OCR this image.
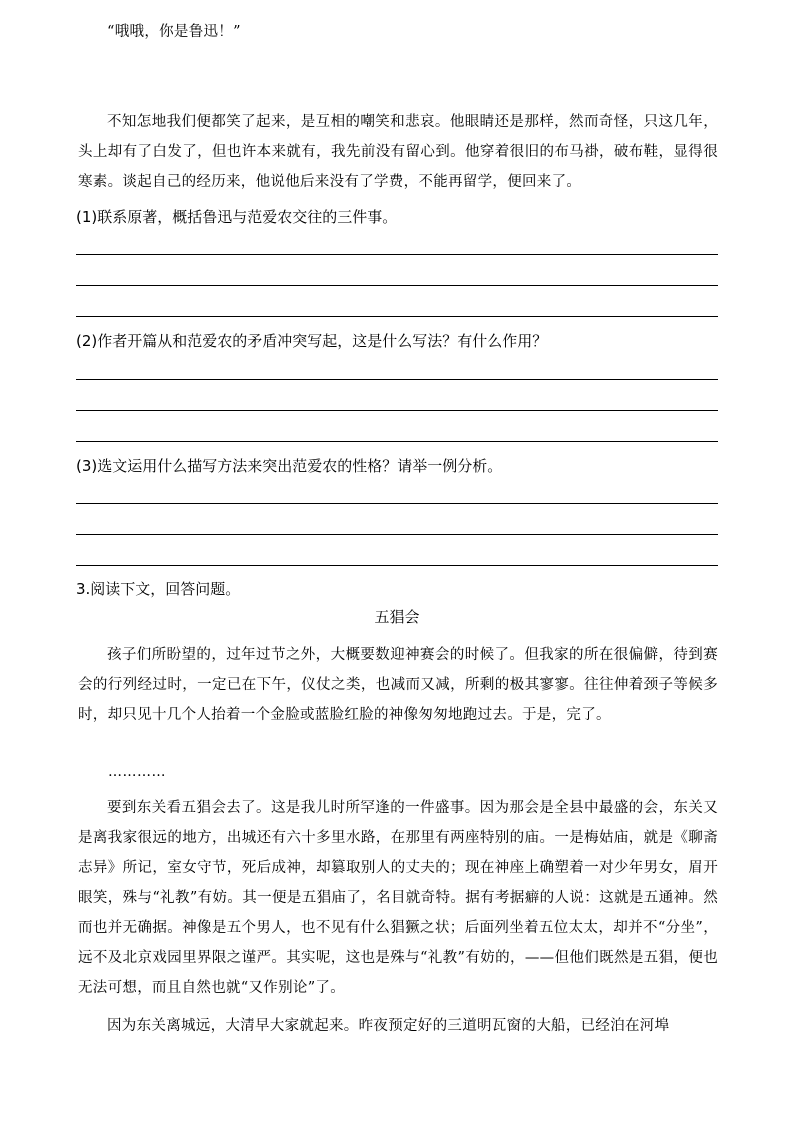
“哦哦，你是鲁迅！”

不知怎地我们便都笑了起来，是互相的嘲笑和悲哀。他眼睛还是那样，然而奇怪，只这几年，头上却有了白发了，但也许本来就有，我先前没有留心到。他穿着很旧的布马褂，破布鞋，显得很寒素。谈起自己的经历来，他说他后来没有了学费，不能再留学，便回来了。

(1)联系原著，概括鲁迅与范爱农交往的三件事。
(2)作者开篇从和范爱农的矛盾冲突写起，这是什么写法？有什么作用？
(3)选文运用什么描写方法来突出范爱农的性格？请举一例分析。
3.阅读下文，回答问题。
五猖会

孩子们所盼望的，过年过节之外，大概要数迎神赛会的时候了。但我家的所在很偏僻，待到赛会的行列经过时，一定已在下午，仪仗之类，也减而又减，所剩的极其寥寥。往往伸着颈子等候多时，却只见十几个人抬着一个金脸或蓝脸红脸的神像匆匆地跑过去。于是，完了。

…………

要到东关看五猖会去了。这是我儿时所罕逢的一件盛事。因为那会是全县中最盛的会，东关又是离我家很远的地方，出城还有六十多里水路，在那里有两座特别的庙。一是梅姑庙，就是《聊斋志异》所记，室女守节，死后成神，却篡取别人的丈夫的；现在神座上确塑着一对少年男女，眉开眼笑，殊与“礼教”有妨。其一便是五猖庙了，名目就奇特。据有考据癖的人说：这就是五通神。然而也并无确据。神像是五个男人，也不见有什么猖獗之状；后面列坐着五位太太，却并不“分坐”，远不及北京戏园里界限之谨严。其实呢，这也是殊与“礼教”有妨的，——但他们既然是五猖，便也无法可想，而且自然也就“又作别论”了。

因为东关离城远，大清早大家就起来。昨夜预定好的三道明瓦窗的大船，已经泊在河埠
